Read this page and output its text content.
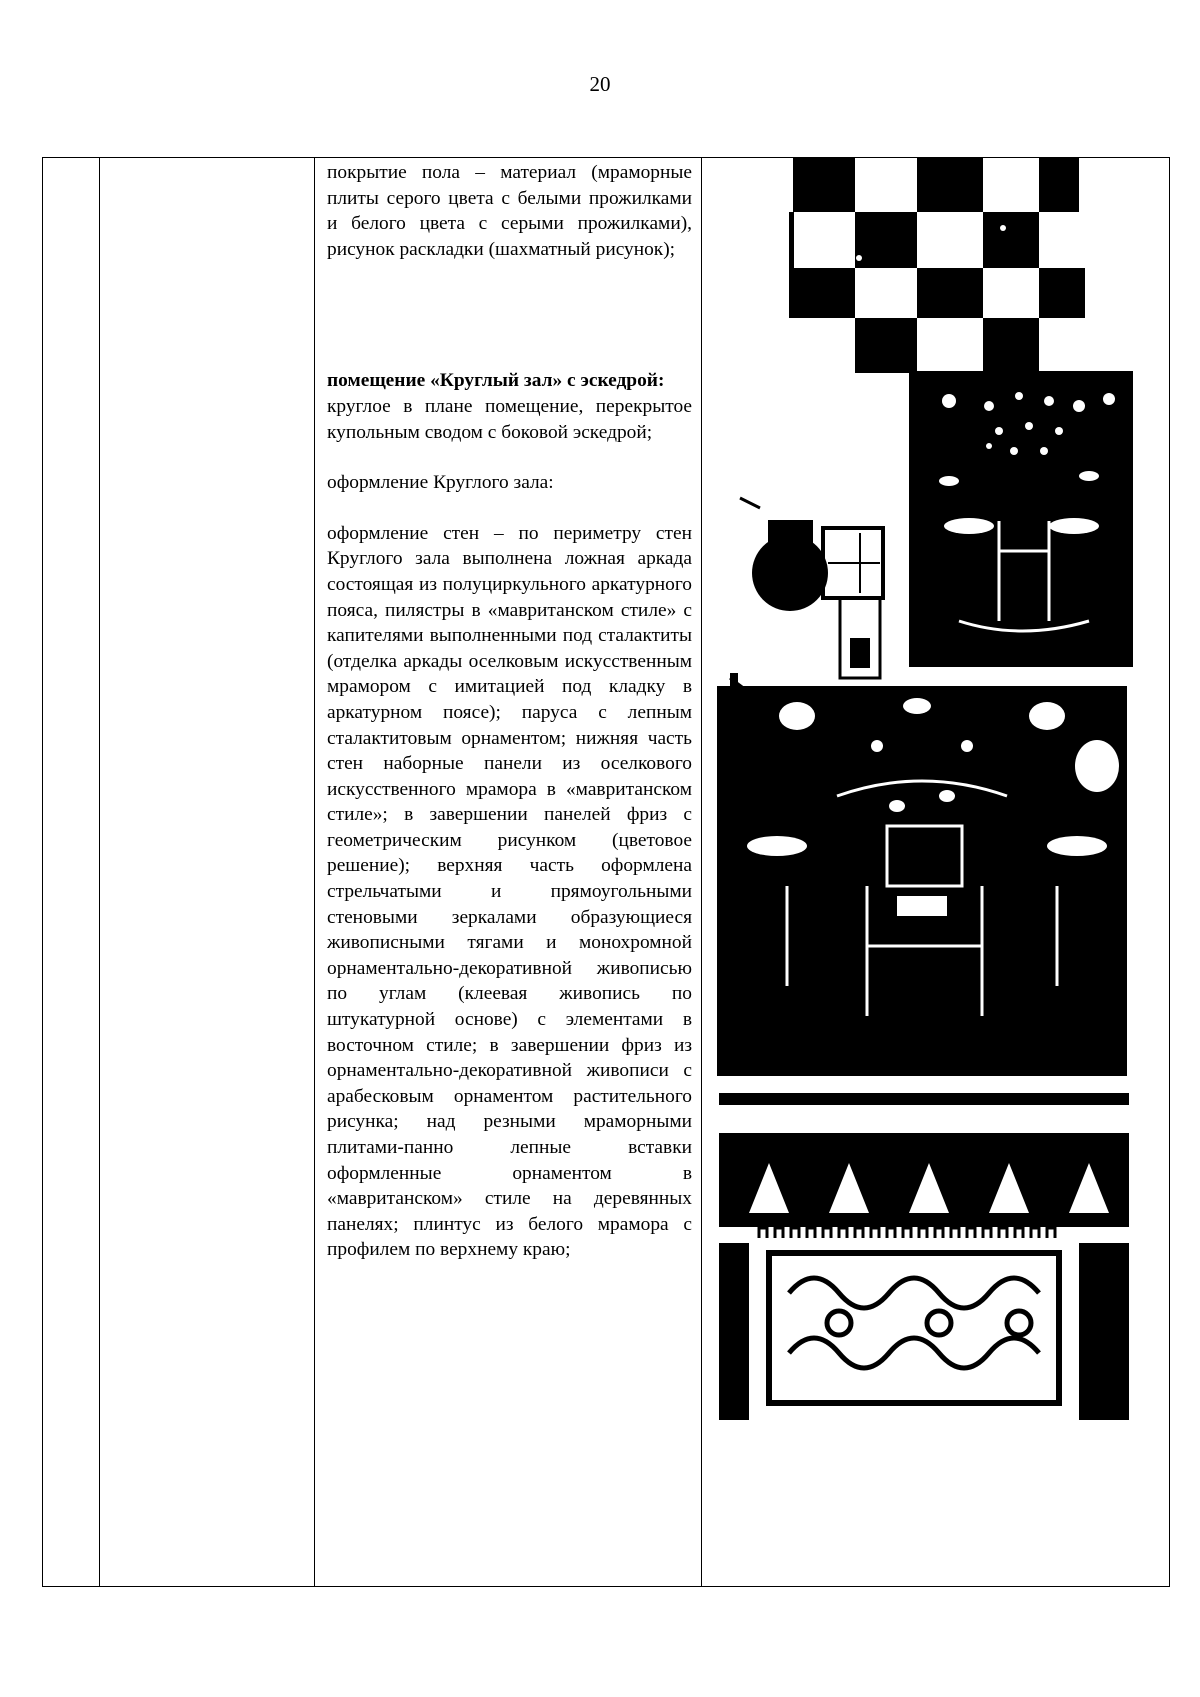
20

покрытие пола – материал (мраморные плиты серого цвета с белыми прожилками и белого цвета с серыми прожилками), рисунок раскладки (шахматный рисунок);

помещение «Круглый зал» с эскедрой:

круглое в плане помещение, перекрытое купольным сводом с боковой эскедрой;

оформление Круглого зала:

оформление стен – по периметру стен Круглого зала выполнена ложная аркада состоящая из полуциркульного аркатурного пояса, пилястры в «мавританском стиле» с капителями выполненными под сталактиты (отделка аркады оселковым искусственным мрамором с имитацией под кладку в аркатурном поясе); паруса с лепным сталактитовым орнаментом; нижняя часть стен наборные панели из оселкового искусственного мрамора в «мавританском стиле»; в завершении панелей фриз с геометрическим рисунком (цветовое решение); верхняя часть оформлена стрельчатыми и прямоугольными стеновыми зеркалами образующиеся живописными тягами и монохромной орнаментально-декоративной живописью по углам (клеевая живопись по штукатурной основе) с элементами в восточном стиле; в завершении фриз из орнаментально-декоративной живописи с арабесковым орнаментом растительного рисунка; над резными мраморными плитами-панно лепные вставки оформленные орнаментом в «мавританском» стиле на деревянных панелях; плинтус из белого мрамора с профилем по верхнему краю;
